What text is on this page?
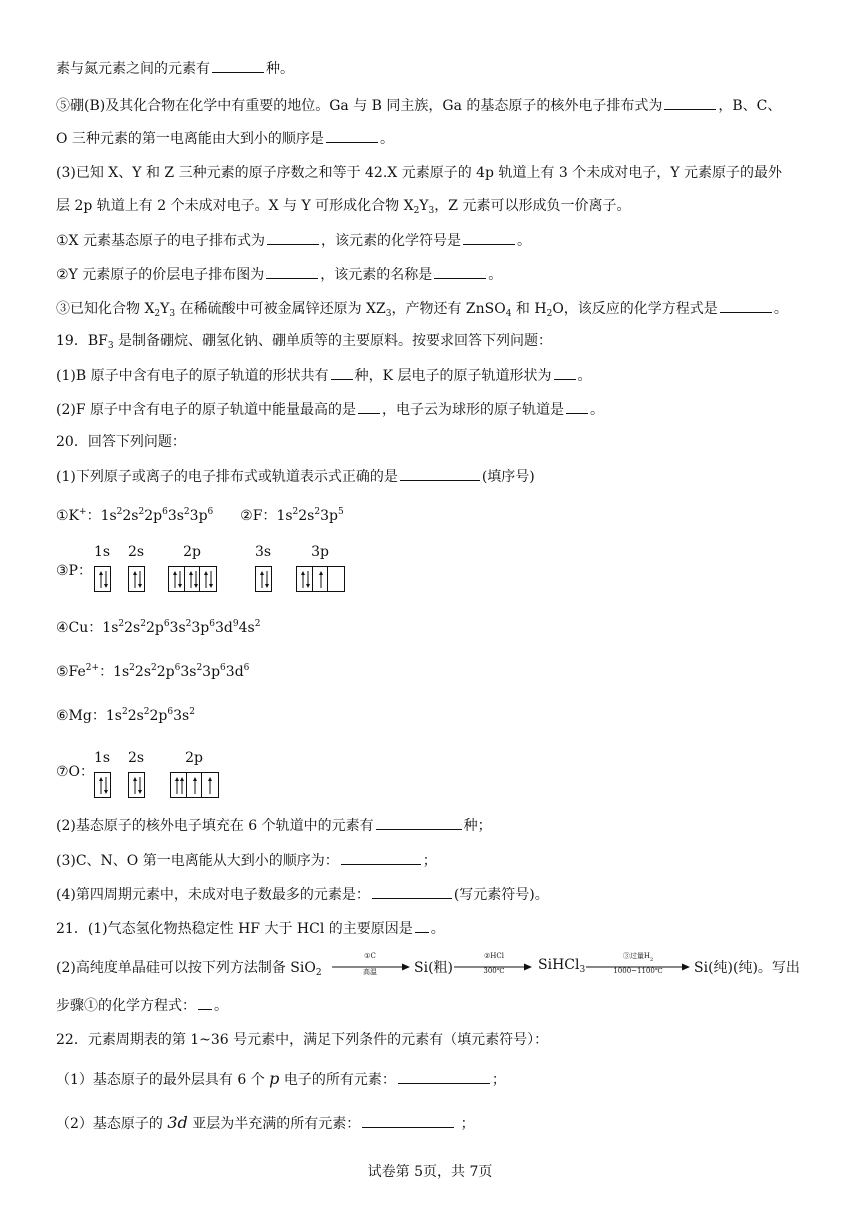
素与氮元素之间的元素有	种。
⑤硼(B)及其化合物在化学中有重要的地位。Ga 与 B 同主族，Ga 的基态原子的核外电子排布式为	，B、C、
O 三种元素的第一电离能由大到小的顺序是	。
(3)已知 X、Y 和 Z 三种元素的原子序数之和等于 42.X 元素原子的 4p 轨道上有 3 个未成对电子，Y 元素原子的最外
层 2p 轨道上有 2 个未成对电子。X 与 Y 可形成化合物 $X_2Y_3$，Z 元素可以形成负一价离子。
①X 元素基态原子的电子排布式为	，该元素的化学符号是	。
②Y 元素原子的价层电子排布图为	，该元素的名称是	。
③已知化合物 $X_2Y_3$ 在稀硫酸中可被金属锌还原为 $XZ_3$，产物还有 ZnSO$_4$ 和 $H_2O$，该反应的化学方程式是	。
19．$BF_3$ 是制备硼烷、硼氢化钠、硼单质等的主要原料。按要求回答下列问题：
(1)B 原子中含有电子的原子轨道的形状共有 种，K 层电子的原子轨道形状为 。
(2)F 原子中含有电子的原子轨道中能量最高的是 ，电子云为球形的原子轨道是 。
20．回答下列问题：
(1)下列原子或离子的电子排布式或轨道表示式正确的是	(填序号)
①K+：$1s^22s^22p^63s^23p^6$ ②F：$1s^22s^23p^5$
③P：
1s 2s	2p	3s	3p
④Cu：$1s^22s^22p^63s^23p^63d^94s^2$
$⑤Fe^{2+}$：$1s^22s^22p^63s^23p^63d^6$
⑥Mg：$1s^22s^22p^63s^2$
⑦O：
1s 2s	2p
(2)基态原子的核外电子填充在 6 个轨道中的元素有	种；
(3)C、N、O 第一电离能从大到小的顺序为：	；
(4)第四周期元素中，未成对电子数最多的元素是：	(写元素符号)。
21．(1)气态氢化物热稳定性 HF 大于 HCl 的主要原因是 。
(2)高纯度单晶硅可以按下列方法制备 SiO$_2$
①C
高温	Si(粗)
②HCl
300℃	SiHCl$_3$
③过量$H_2$
1000~1100℃	Si(纯)(纯)。写出
步骤①的化学方程式： 。
22．元素周期表的第 1~36 号元素中，满足下列条件的元素有（填元素符号）：
（1）基态原子的最外层具有 6 个 p 电子的所有元素：	；
（2）基态原子的 3d 亚层为半充满的所有元素：	；
试卷第 5页，共 7页
